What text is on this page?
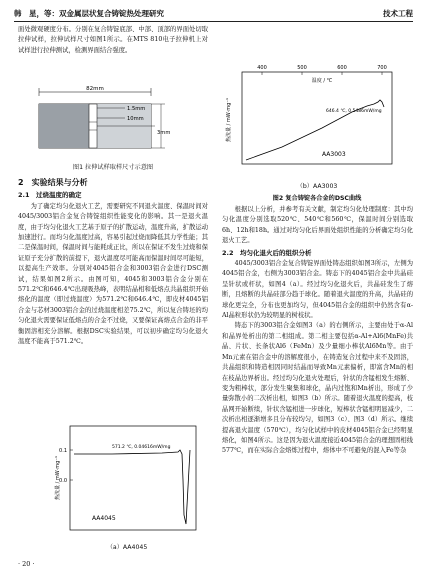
韩　星，等：双金属层状复合铸锭热处理研究	技术工程

面处微观硬度分布。分别在复合铸锭底部、中部、顶部的界面处切取拉伸试样，拉伸试样尺寸如图1所示。在MTS 810电子拉伸机上对试样进行拉伸测试，检测界面结合强度。

82mm
1.5mm
10mm
3mm
图1 拉伸试样取样尺寸示意图
2　实验结果与分析
2.1　过烧温度的确定

为了确定均匀化退火工艺，需要研究不同退火温度、保温时间对4045/3003铝合金复合铸锭组织性能变化的影响。其一是退火温度，由于均匀化退火工艺基于原子的扩散运动，温度升高，扩散运动加速进行。而均匀化温度过高，容易引起过烧而降低其力学性能；其二是保温时间，保温时间与能耗成正比，所以在保证不发生过烧和保证原子充分扩散的前提下，退火温度尽可能高而保温时间尽可能短，以提高生产效率。分别对4045铝合金和3003铝合金进行DSC测试，结果如图2所示。由图可知，4045和3003铝合金分别在571.2℃和646.4℃出现吸热峰，表明结晶相和低熔点共晶组织开始熔化的温度（即过烧温度）为571.2℃和646.4℃，即皮材4045铝合金与芯材3003铝合金的过烧温度相差75.2℃，所以复合铸坯的均匀化退火需要保证低熔点的合金不过烧，又要保证高熔点合金的非平衡固溶相充分溶解。根据DSC实验结果，可以初步确定均匀化退火温度不能高于571.2℃。

0.1
0.0
热流量 / mW·mg⁻¹
571.2 ℃, 0.04616mW/mg
AA4045
（a）AA4045
400	500	600	700
温度 / ℃
热流量 / mW·mg⁻¹	646.4 ℃, 0.5486mW/mg
AA3003
（b）AA3003
图2 复合铸锭各合金的DSC曲线

根据以上分析，并参考有关文献，制定均匀化处理制度：其中均匀化温度分别选取520℃、540℃和560℃，保温时间分别选取6h、12h和18h。通过对均匀化后界面处组织性能的分析确定均匀化退火工艺。

2.2　均匀化退火后的组织分析

4045/3003铝合金复合铸锭界面处铸态组织如图3所示，左侧为4045铝合金，右侧为3003铝合金。铸态下的4045铝合金中共晶硅呈针状或杆状，如图4（a）。经过均匀化退火后，共晶硅发生了熔断，且熔断的共晶硅部分趋于球化。随着退火温度的升高，共晶硅的球化更完全，分布也更加均匀，但4045铝合金的组织中仍然含有α-Al晶粒形状仍为较明显的树枝状。

铸态下的3003铝合金如图3（a）的右侧所示，主要由处于α-Al和晶界处析出的第二相组成。第二相主要包括α-Al+Al6(MnFe)共晶、片状、长条状Al6（FeMn）及少量细小棒状Al6Mn等。由于Mn元素在铝合金中的溶解度很小，在铸造复合过程中来不及固溶，共晶组织和铸造相因同时结晶而导致Mn元素偏析，即富含Mn的相在枝晶边界析出。经过均匀化退火处理后，针状的含锰相发生熔断、变为粗棒状，部分发生聚集和球化，晶内过饱和Mn析出，形成了少量弥散小的二次析出相，如图3（b）所示。随着退火温度的提高，枝晶网开始断续，针状含锰相进一步球化，短棒状含锰相明显减少，二次析出相逐渐增多且分布较均匀，如图3（c）、图3（d）所示。继续提高退火温度（570℃），均匀化试样中的皮材4045铝合金已经明显熔化，如图4所示。这是因为退火温度接近4045铝合金的理想固相线577℃，而在实际合金熔炼过程中，熔体中不可避免的混入Fe等杂

· 20 ·
